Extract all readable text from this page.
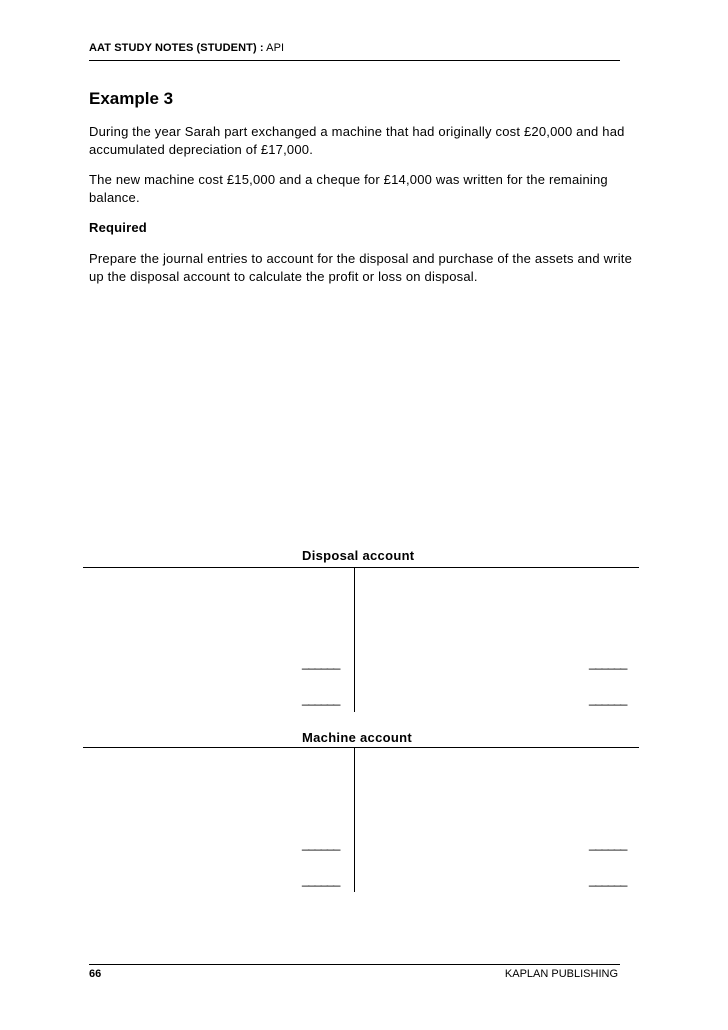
AAT STUDY NOTES (STUDENT) : API
Example 3

During the year Sarah part exchanged a machine that had originally cost £20,000 and had accumulated depreciation of £17,000.

The new machine cost £15,000 and a cheque for £14,000 was written for the remaining balance.

Required

Prepare the journal entries to account for the disposal and purchase of the assets and write up the disposal account to calculate the profit or loss on disposal.

Disposal account
______	______
______	______
Machine account
______	______
______	______
66	KAPLAN PUBLISHING
